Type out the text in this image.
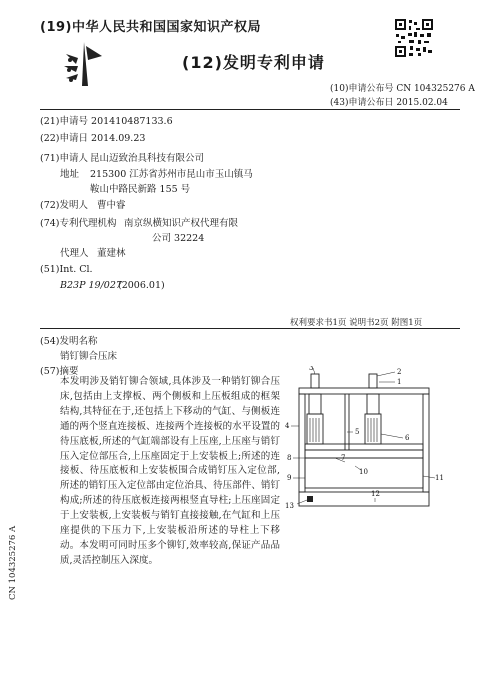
(19)中华人民共和国国家知识产权局
(12)发明专利申请
(10)申请公布号 CN 104325276 A
(43)申请公布日 2015.02.04
(21)申请号 201410487133.6
(22)申请日 2014.09.23
(71)申请人 昆山迈致治具科技有限公司
地址 215300 江苏省苏州市昆山市玉山镇马
鞍山中路民新路 155 号
(72)发明人 曹中睿
(74)专利代理机构 南京纵横知识产权代理有限
公司 32224
代理人 董建林
(51)Int. Cl.
B23P 19/027
(2006.01)
权利要求书1页 说明书2页 附图1页
(54)发明名称
销钉铆合压床
(57)摘要
本发明涉及销钉铆合领域,具体涉及一种销钉铆合压床,包括由上支撑板、两个侧板和上压板组成的框架结构,其特征在于,还包括上下移动的气缸、与侧板连通的两个竖直连接板、连接两个连接板的水平设置的待压底板,所述的气缸端部设有上压座,上压座与销钉压入定位部压合,上压座固定于上安装板上;所述的连接板、待压底板和上安装板围合成销钉压入定位部,所述的销钉压入定位部由定位治具、待压部件、销钉构成;所述的待压底板连接两根竖直导柱;上压座固定于上安装板,上安装板与销钉直接接触,在气缸和上压座提供的下压力下,上安装板沿所述的导柱上下移动。本发明可同时压多个铆钉,效率较高,保证产品品质,灵活控制压入深度。
2
1
3
4
5
6
7
8
9
10
11
12
13
CN 104325276 A
